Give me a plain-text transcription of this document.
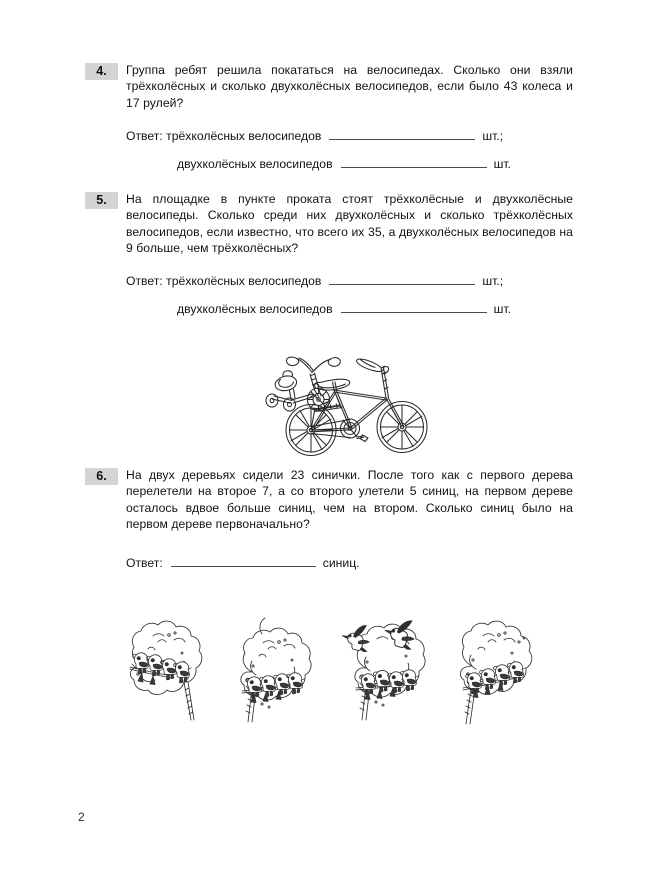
4.	Группа ребят решила покататься на велосипедах. Сколько они взяли трёхколёсных и сколько двухколёсных велосипедов, если было 43 колеса и 17 рулей?

Ответ: трёхколёсных велосипедов	шт.;
двухколёсных велосипедов	шт.
5.	На площадке в пункте проката стоят трёхколёсные и двухколёсные велосипеды. Сколько среди них двухколёсных и сколько трёхколёсных велосипедов, если известно, что всего их 35, а двухколёсных велосипедов на 9 больше, чем трёхколёсных?

Ответ: трёхколёсных велосипедов	шт.;
двухколёсных велосипедов	шт.
6.	На двух деревьях сидели 23 синички. После того как с первого дерева перелетели на второе 7, а со второго улетели 5 синиц, на первом дереве осталось вдвое больше синиц, чем на втором. Сколько синиц было на первом дереве первоначально?

Ответ:	синиц.
2
